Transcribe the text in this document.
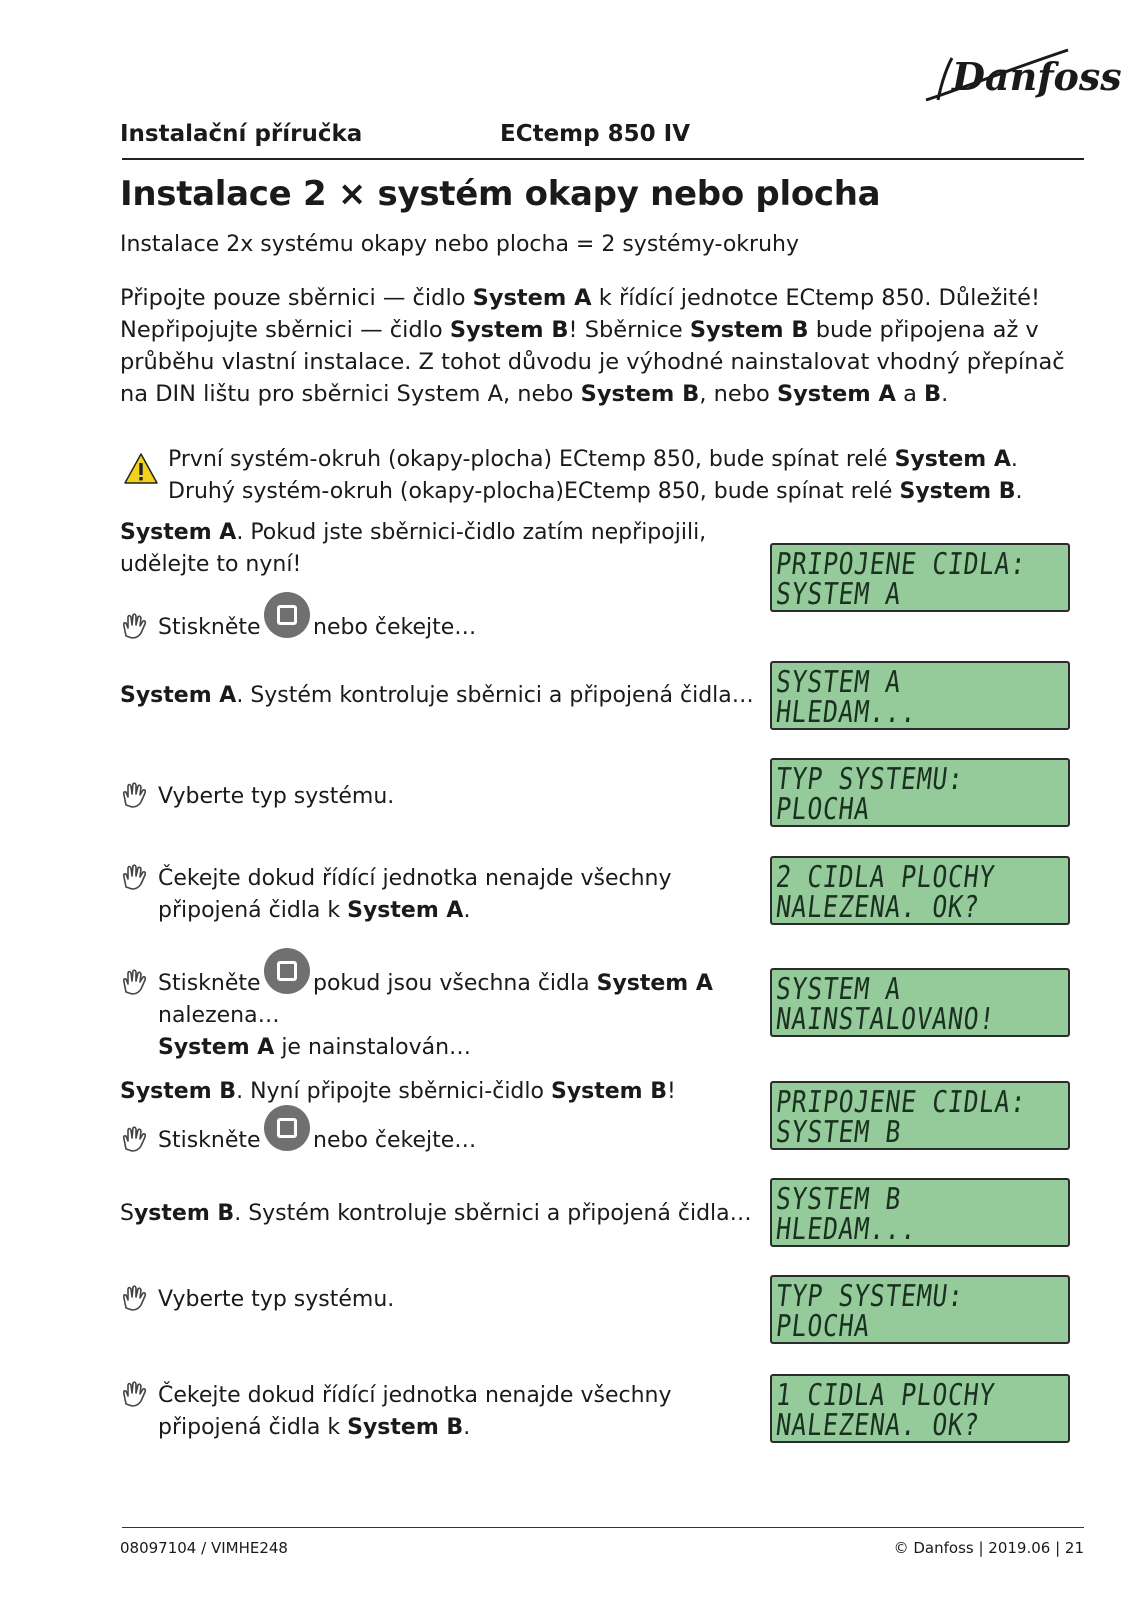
Danfoss
Instalační příručka	ECtemp 850 IV
Instalace 2 × systém okapy nebo plocha
Instalace 2x systému okapy nebo plocha = 2 systémy-okruhy
Připojte pouze sběrnici — čidlo System A k řídící jednotce ECtemp 850. Důležité! Nepřipojujte sběrnici — čidlo System B! Sběrnice System B bude připojena až v průběhu vlastní instalace. Z tohot důvodu je výhodné nainstalovat vhodný přepínač na DIN lištu pro sběrnici System A, nebo System B, nebo System A a B.
První systém-okruh (okapy-plocha) ECtemp 850, bude spínat relé System A.
Druhý systém-okruh (okapy-plocha)ECtemp 850, bude spínat relé System B.
System A. Pokud jste sběrnici-čidlo zatím nepřipojili,
udělejte to nyní!
Stiskněte nebo čekejte…
System A. Systém kontroluje sběrnici a připojená čidla…
Vyberte typ systému.
Čekejte dokud řídící jednotka nenajde všechny
připojená čidla k System A.
Stiskněte pokud jsou všechna čidla System A
nalezena…
System A je nainstalován…
System B. Nyní připojte sběrnici-čidlo System B!
Stiskněte nebo čekejte…
System B. Systém kontroluje sběrnici a připojená čidla…
Vyberte typ systému.
Čekejte dokud řídící jednotka nenajde všechny
připojená čidla k System B.
PRIPOJENE CIDLA:
SYSTEM A
SYSTEM A
HLEDAM...
TYP SYSTEMU:
PLOCHA
2 CIDLA PLOCHY
NALEZENA. OK?
SYSTEM A
NAINSTALOVANO!
PRIPOJENE CIDLA:
SYSTEM B
SYSTEM B
HLEDAM...
TYP SYSTEMU:
PLOCHA
1 CIDLA PLOCHY
NALEZENA. OK?
08097104 / VIMHE248	© Danfoss | 2019.06 | 21
